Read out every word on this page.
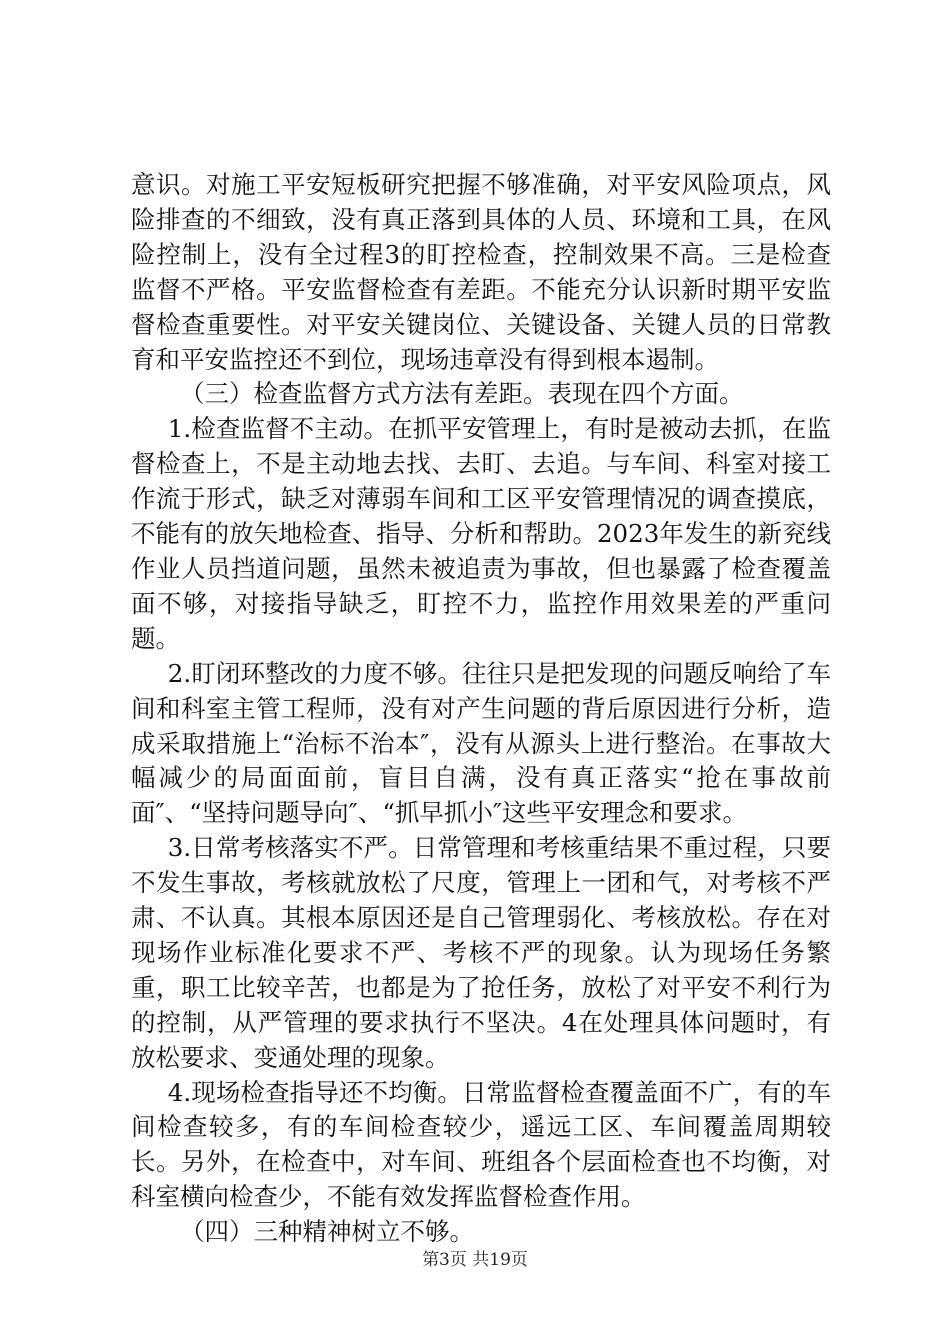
意识。对施工平安短板研究把握不够准确，对平安风险项点，风险排查的不细致，没有真正落到具体的人员、环境和工具，在风险控制上，没有全过程3的盯控检查，控制效果不高。三是检查监督不严格。平安监督检查有差距。不能充分认识新时期平安监督检查重要性。对平安关键岗位、关键设备、关键人员的日常教育和平安监控还不到位，现场违章没有得到根本遏制。

（三）检查监督方式方法有差距。表现在四个方面。

1.检查监督不主动。在抓平安管理上，有时是被动去抓，在监督检查上，不是主动地去找、去盯、去追。与车间、科室对接工作流于形式，缺乏对薄弱车间和工区平安管理情况的调查摸底，不能有的放矢地检查、指导、分析和帮助。2023年发生的新兖线作业人员挡道问题，虽然未被追责为事故，但也暴露了检查覆盖面不够，对接指导缺乏，盯控不力，监控作用效果差的严重问题。

2.盯闭环整改的力度不够。往往只是把发现的问题反响给了车间和科室主管工程师，没有对产生问题的背后原因进行分析，造成采取措施上“治标不治本″，没有从源头上进行整治。在事故大幅减少的局面面前，盲目自满，没有真正落实“抢在事故前面″、“坚持问题导向″、“抓早抓小″这些平安理念和要求。

3.日常考核落实不严。日常管理和考核重结果不重过程，只要不发生事故，考核就放松了尺度，管理上一团和气，对考核不严肃、不认真。其根本原因还是自己管理弱化、考核放松。存在对现场作业标准化要求不严、考核不严的现象。认为现场任务繁重，职工比较辛苦，也都是为了抢任务，放松了对平安不利行为的控制，从严管理的要求执行不坚决。4在处理具体问题时，有放松要求、变通处理的现象。

4.现场检查指导还不均衡。日常监督检查覆盖面不广，有的车间检查较多，有的车间检查较少，遥远工区、车间覆盖周期较长。另外，在检查中，对车间、班组各个层面检查也不均衡，对科室横向检查少，不能有效发挥监督检查作用。

（四）三种精神树立不够。

第3页 共19页
